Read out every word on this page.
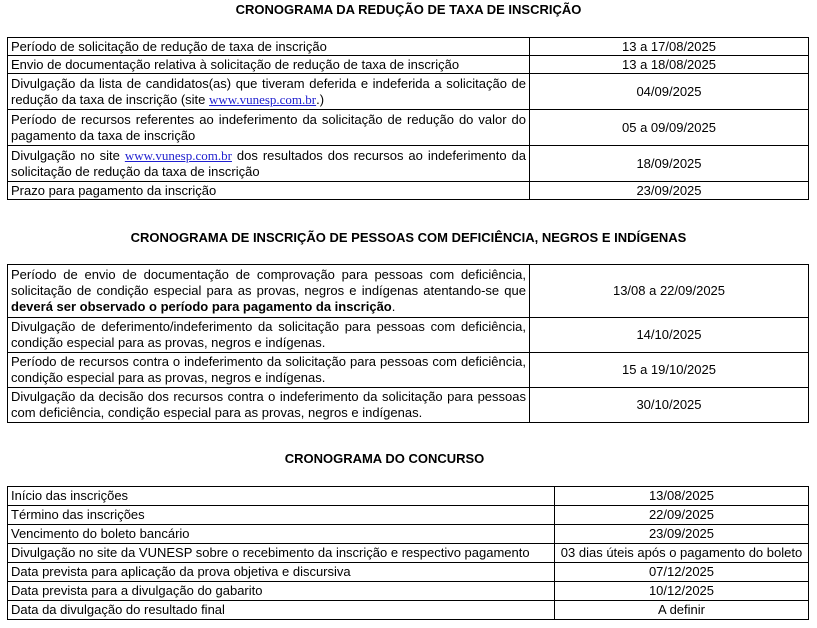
CRONOGRAMA DA REDUÇÃO DE TAXA DE INSCRIÇÃO
Período de solicitação de redução de taxa de inscrição	13 a 17/08/2025
Envio de documentação relativa à solicitação de redução de taxa de inscrição	13 a 18/08/2025
Divulgação da lista de candidatos(as) que tiveram deferida e indeferida a solicitação de redução da taxa de inscrição (site www.vunesp.com.br.)	04/09/2025
Período de recursos referentes ao indeferimento da solicitação de redução do valor do pagamento da taxa de inscrição	05 a 09/09/2025
Divulgação no site www.vunesp.com.br dos resultados dos recursos ao indeferimento da solicitação de redução da taxa de inscrição	18/09/2025
Prazo para pagamento da inscrição	23/09/2025
CRONOGRAMA DE INSCRIÇÃO DE PESSOAS COM DEFICIÊNCIA, NEGROS E INDÍGENAS
Período de envio de documentação de comprovação para pessoas com deficiência, solicitação de condição especial para as provas, negros e indígenas atentando-se que deverá ser observado o período para pagamento da inscrição.	13/08 a 22/09/2025
Divulgação de deferimento/indeferimento da solicitação para pessoas com deficiência, condição especial para as provas, negros e indígenas.	14/10/2025
Período de recursos contra o indeferimento da solicitação para pessoas com deficiência, condição especial para as provas, negros e indígenas.	15 a 19/10/2025
Divulgação da decisão dos recursos contra o indeferimento da solicitação para pessoas com deficiência, condição especial para as provas, negros e indígenas.	30/10/2025
CRONOGRAMA DO CONCURSO
Início das inscrições	13/08/2025
Término das inscrições	22/09/2025
Vencimento do boleto bancário	23/09/2025
Divulgação no site da VUNESP sobre o recebimento da inscrição e respectivo pagamento	03 dias úteis após o pagamento do boleto
Data prevista para aplicação da prova objetiva e discursiva	07/12/2025
Data prevista para a divulgação do gabarito	10/12/2025
Data da divulgação do resultado final	A definir
